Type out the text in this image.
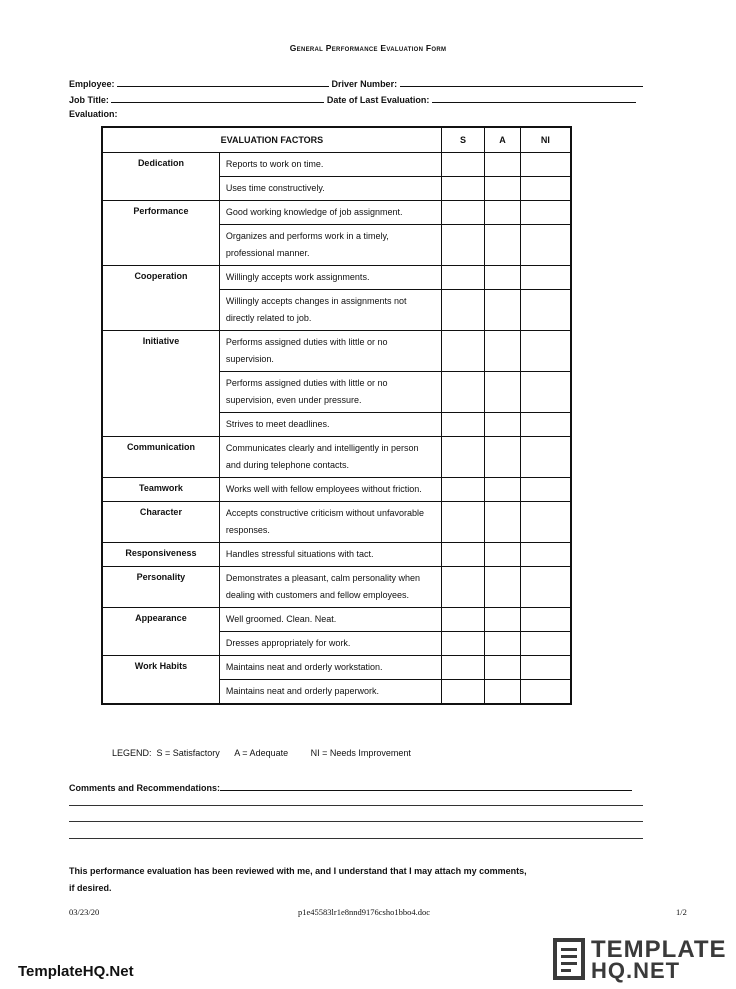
General Performance Evaluation Form
Employee:	Driver Number:
Job Title:	Date of Last Evaluation:
Evaluation:
EVALUATION FACTORS		S	A	NI
Dedication	Reports to work on time.			
	Uses time constructively.			
Performance	Good working knowledge of job assignment.			
	Organizes and performs work in a timely, professional manner.			
Cooperation	Willingly accepts work assignments.			
	Willingly accepts changes in assignments not directly related to job.			
Initiative	Performs assigned duties with little or no supervision.			
	Performs assigned duties with little or no supervision, even under pressure.			
	Strives to meet deadlines.			
Communication	Communicates clearly and intelligently in person and during telephone contacts.			
Teamwork	Works well with fellow employees without friction.			
Character	Accepts constructive criticism without unfavorable responses.			
Responsiveness	Handles stressful situations with tact.			
Personality	Demonstrates a pleasant, calm personality when dealing with customers and fellow employees.			
Appearance	Well groomed. Clean. Neat.			
	Dresses appropriately for work.			
Work Habits	Maintains neat and orderly workstation.			
	Maintains neat and orderly paperwork.			
LEGEND:  S = Satisfactory      A = Adequate         NI = Needs Improvement
Comments and Recommendations:
This performance evaluation has been reviewed with me, and I understand that I may attach my comments, if desired.
03/23/20	p1e45583lr1e8nnd9176csho1bbo4.doc	1/2
TemplateHQ.Net
TEMPLATE
HQ.NET
